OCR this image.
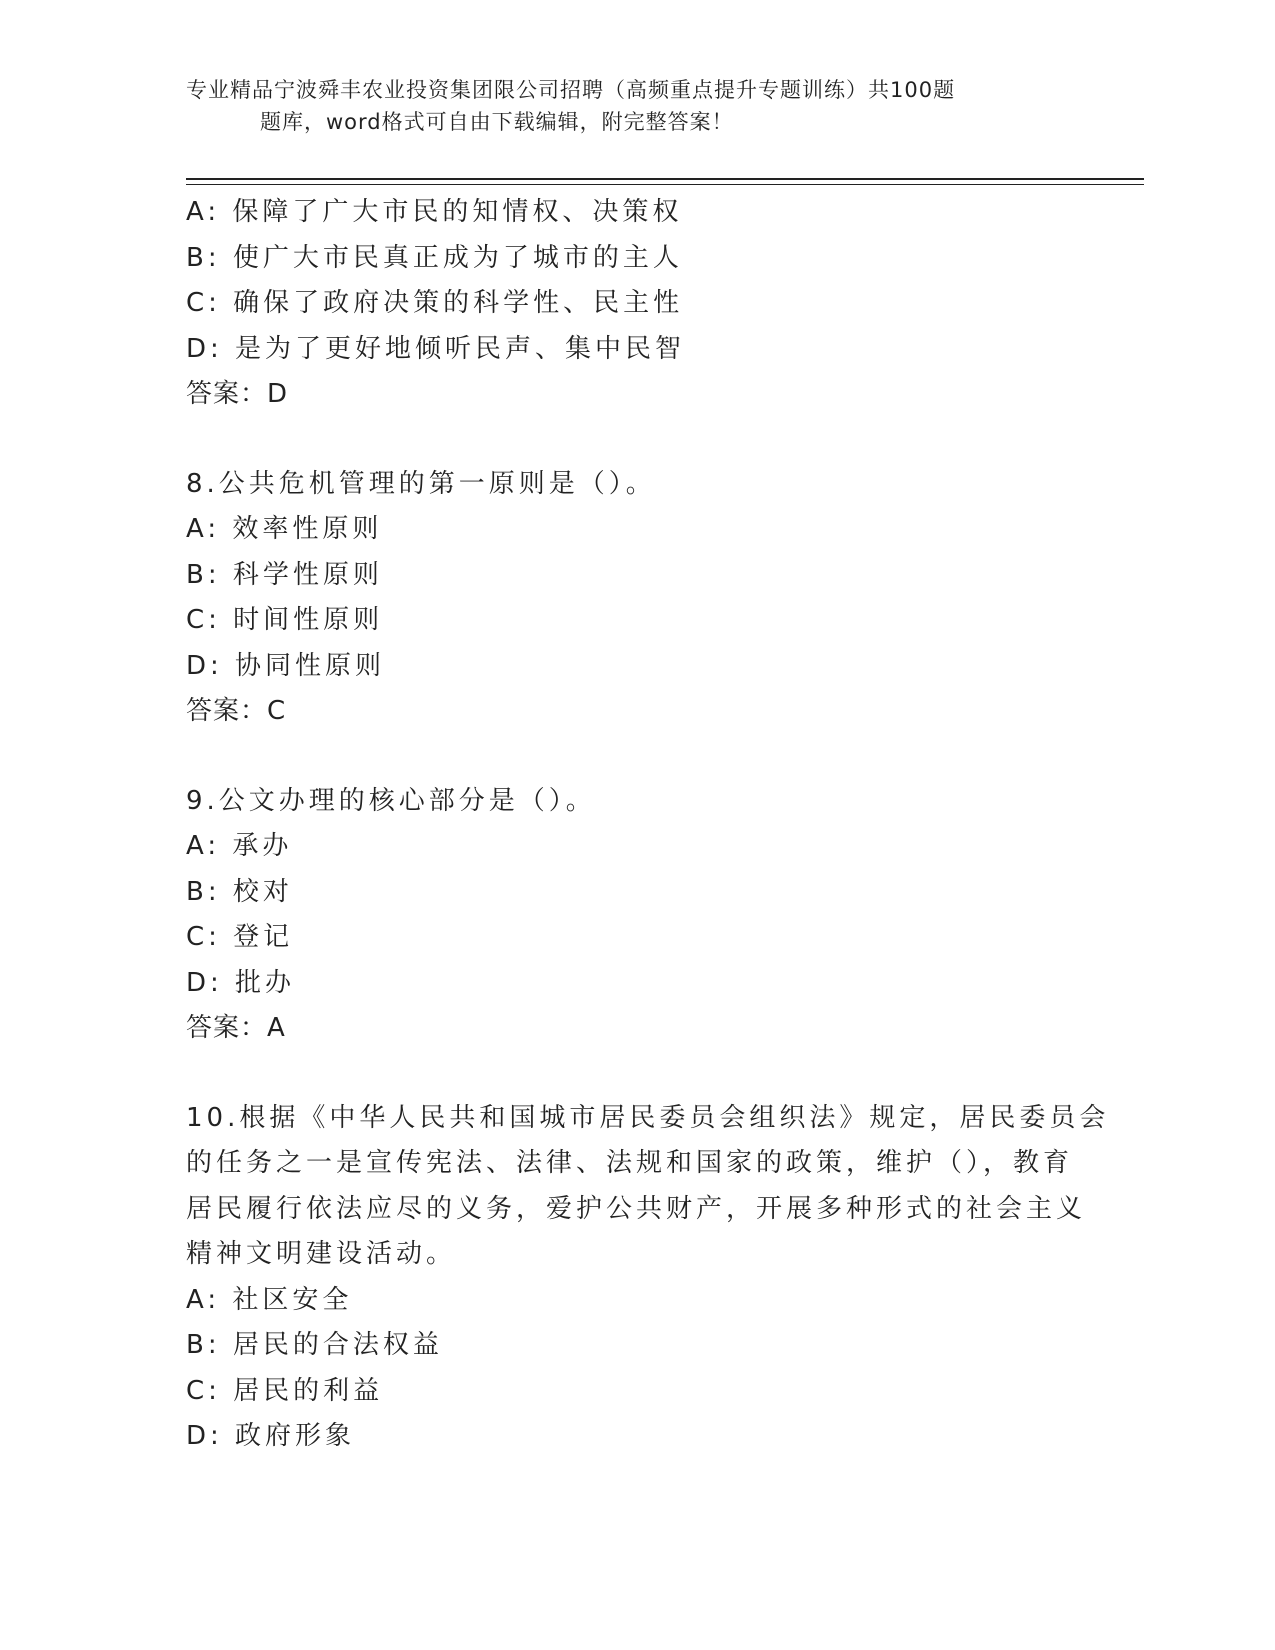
专业精品宁波舜丰农业投资集团限公司招聘（高频重点提升专题训练）共100题
题库，word格式可自由下载编辑，附完整答案！
A: 保障了广大市民的知情权、决策权
B: 使广大市民真正成为了城市的主人
C: 确保了政府决策的科学性、民主性
D: 是为了更好地倾听民声、集中民智
答案：D
8.公共危机管理的第一原则是（）。
A: 效率性原则
B: 科学性原则
C: 时间性原则
D: 协同性原则
答案：C
9.公文办理的核心部分是（）。
A: 承办
B: 校对
C: 登记
D: 批办
答案：A
10.根据《中华人民共和国城市居民委员会组织法》规定，居民委员会
的任务之一是宣传宪法、法律、法规和国家的政策，维护（），教育
居民履行依法应尽的义务，爱护公共财产，开展多种形式的社会主义
精神文明建设活动。
A: 社区安全
B: 居民的合法权益
C: 居民的利益
D: 政府形象
